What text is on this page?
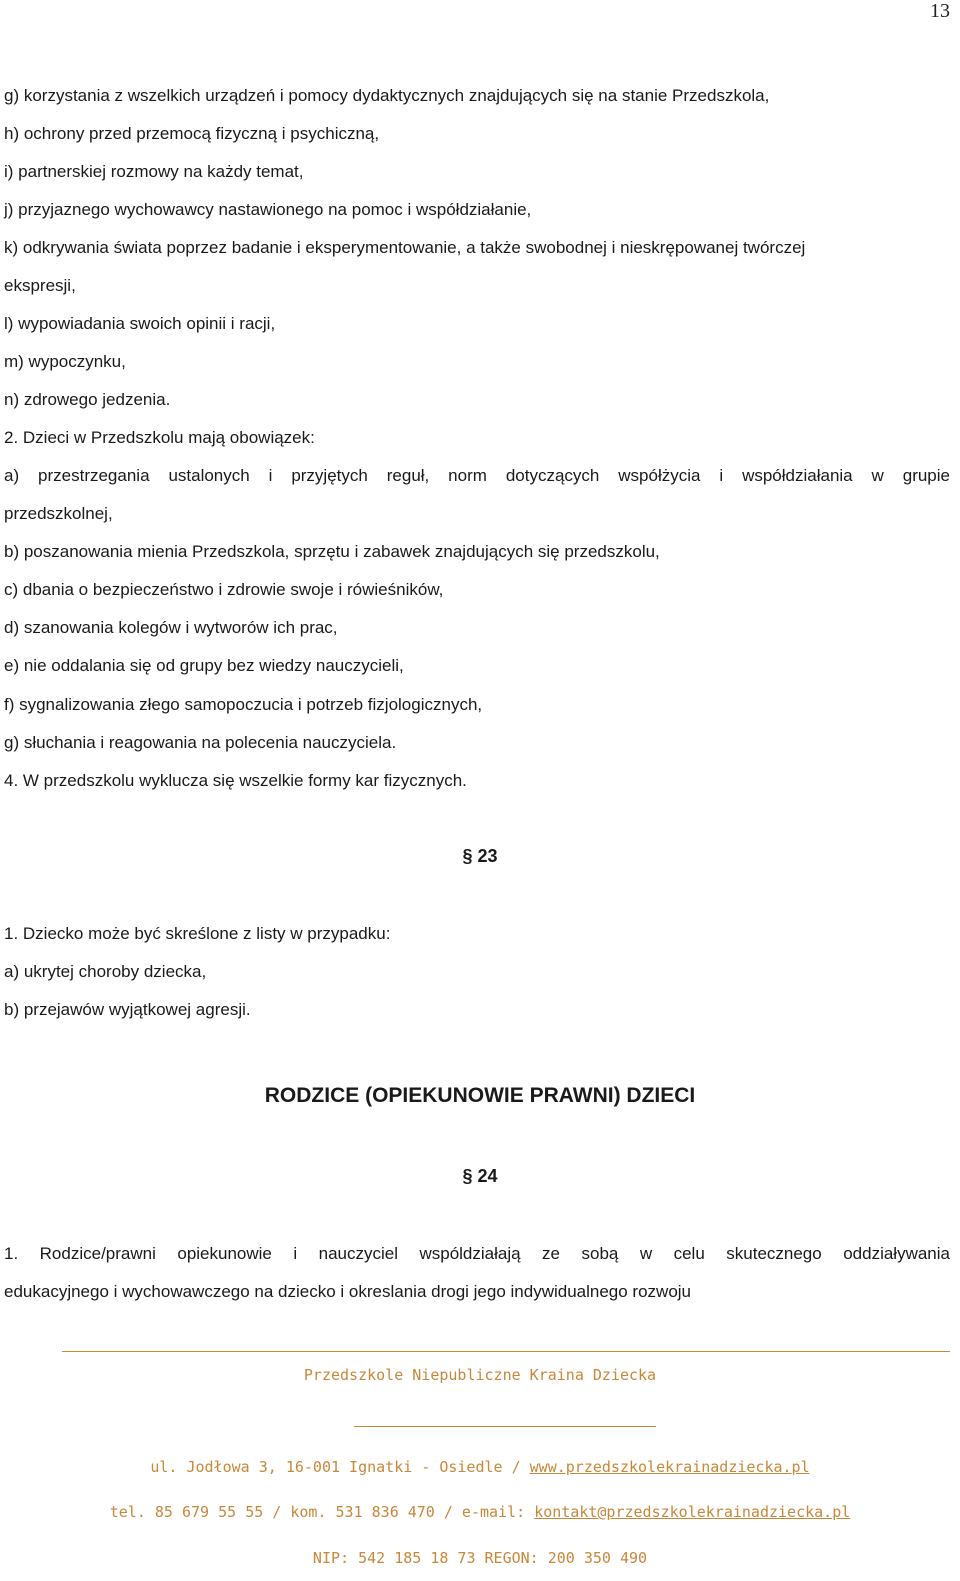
13
g) korzystania z wszelkich urządzeń i pomocy dydaktycznych znajdujących się na stanie Przedszkola,
h) ochrony przed przemocą fizyczną i psychiczną,
i) partnerskiej rozmowy na każdy temat,
j) przyjaznego wychowawcy nastawionego na pomoc i współdziałanie,
k) odkrywania świata poprzez badanie i eksperymentowanie, a także swobodnej i nieskrępowanej twórczej
ekspresji,
l) wypowiadania swoich opinii i racji,
m) wypoczynku,
n) zdrowego jedzenia.
2. Dzieci w Przedszkolu mają obowiązek:
a) przestrzegania ustalonych i przyjętych reguł, norm dotyczących współżycia i współdziałania w grupie
przedszkolnej,
b) poszanowania mienia Przedszkola, sprzętu i zabawek znajdujących się przedszkolu,
c) dbania o bezpieczeństwo i zdrowie swoje i rówieśników,
d) szanowania kolegów i wytworów ich prac,
e) nie oddalania się od grupy bez wiedzy nauczycieli,
f) sygnalizowania złego samopoczucia i potrzeb fizjologicznych,
g) słuchania i reagowania na polecenia nauczyciela.
4. W przedszkolu wyklucza się wszelkie formy kar fizycznych.
§ 23
1. Dziecko może być skreślone z listy w przypadku:
a) ukrytej choroby dziecka,
b) przejawów wyjątkowej agresji.
RODZICE (OPIEKUNOWIE PRAWNI) DZIECI
§ 24
1. Rodzice/prawni opiekunowie i nauczyciel wspóldziałają ze sobą w celu skutecznego oddziaływania
edukacyjnego i wychowawczego na dziecko i okreslania drogi jego indywidualnego rozwoju
Przedszkole Niepubliczne Kraina Dziecka
ul. Jodłowa 3, 16-001 Ignatki - Osiedle / www.przedszkolekrainadziecka.pl
tel. 85 679 55 55 / kom. 531 836 470 / e-mail: kontakt@przedszkolekrainadziecka.pl
NIP: 542 185 18 73 REGON: 200 350 490
